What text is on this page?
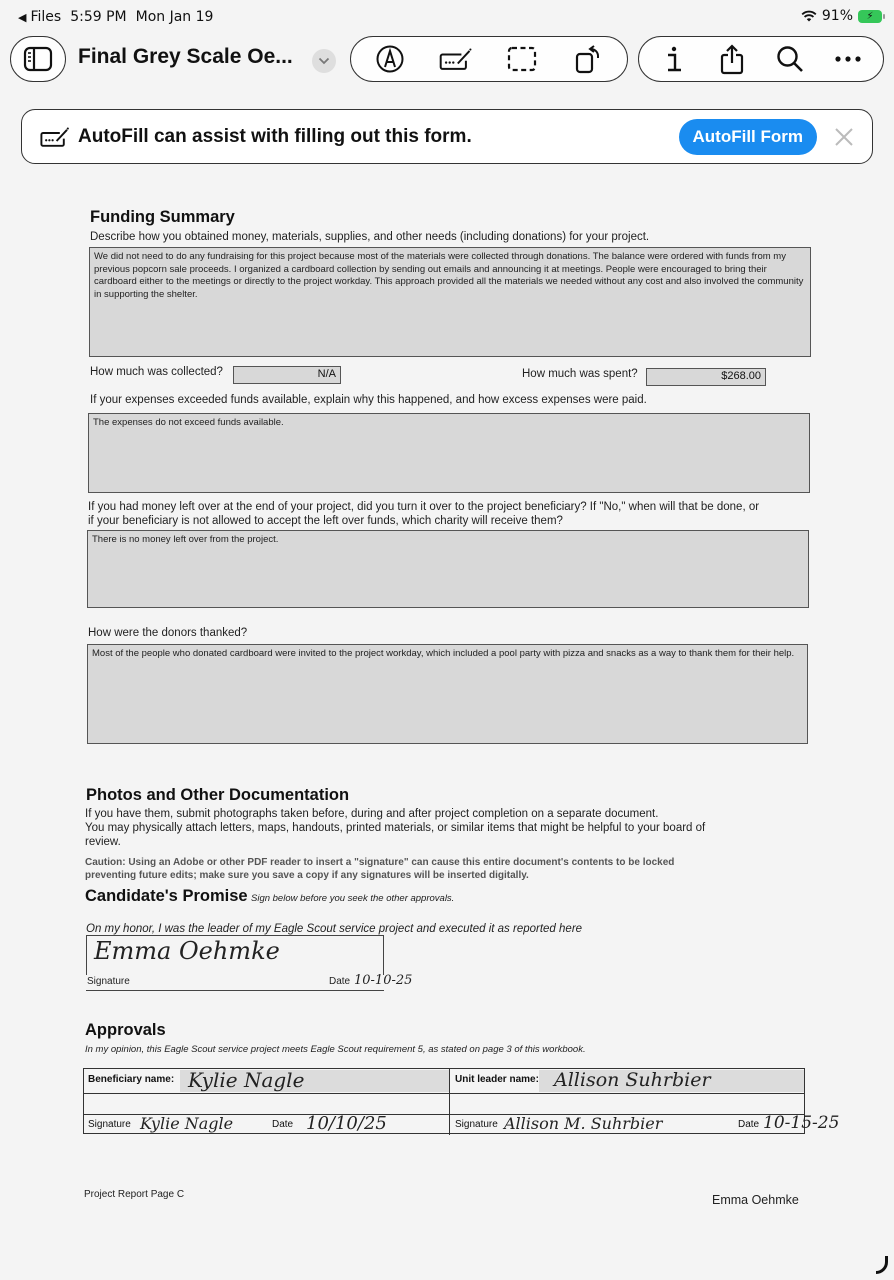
◀ Files 5:59 PM Mon Jan 19	91%	⚡
Final Grey Scale Oe...
AutoFill can assist with filling out this form.	AutoFill Form
Funding Summary
Describe how you obtained money, materials, supplies, and other needs (including donations) for your project.
We did not need to do any fundraising for this project because most of the materials were collected through donations. The balance were ordered with funds from my previous popcorn sale proceeds. I organized a cardboard collection by sending out emails and announcing it at meetings. People were encouraged to bring their cardboard either to the meetings or directly to the project workday. This approach provided all the materials we needed without any cost and also involved the community in supporting the shelter.
How much was collected?	N/A	How much was spent?	$268.00
If your expenses exceeded funds available, explain why this happened, and how excess expenses were paid.
The expenses do not exceed funds available.
If you had money left over at the end of your project, did you turn it over to the project beneficiary? If "No," when will that be done, or
if your beneficiary is not allowed to accept the left over funds, which charity will receive them?
There is no money left over from the project.
How were the donors thanked?
Most of the people who donated cardboard were invited to the project workday, which included a pool party with pizza and snacks as a way to thank them for their help.
Photos and Other Documentation
If you have them, submit photographs taken before, during and after project completion on a separate document.
You may physically attach letters, maps, handouts, printed materials, or similar items that might be helpful to your board of
review.
Caution: Using an Adobe or other PDF reader to insert a "signature" can cause this entire document's contents to be locked
preventing future edits; make sure you save a copy if any signatures will be inserted digitally.
Candidate's Promise Sign below before you seek the other approvals.
On my honor, I was the leader of my Eagle Scout service project and executed it as reported here
Emma Oehmke
Signature	Date 10-10-25
Approvals
In my opinion, this Eagle Scout service project meets Eagle Scout requirement 5, as stated on page 3 of this workbook.
Beneficiary name: Kylie Nagle	Unit leader name: Allison Suhrbier
Signature Kylie Nagle	Date 10/10/25	Signature Allison M. Suhrbier	Date 10-15-25
Project Report Page C	Emma Oehmke
